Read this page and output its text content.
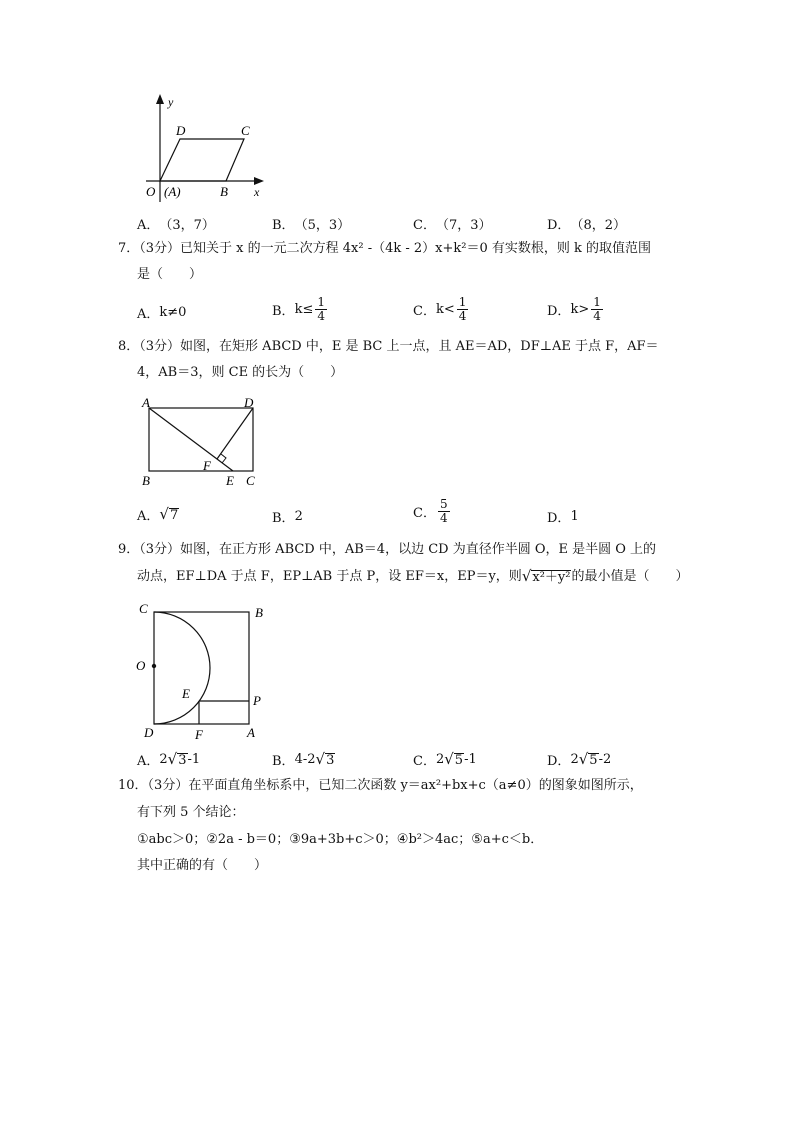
y
x
D	C
O (A)	B
A． （3，7）	B． （5，3）	C． （7，3）	D． （8，2）
7．（3分）已知关于 x 的一元二次方程 4x² -（4k - 2）x+k²＝0 有实数根，则 k 的取值范围
是（　　）
A． k≠0	B． $k\le \frac{1}{4}$	C． $k< \frac{1}{4}$	D． $k> \frac{1}{4}$
8．（3分）如图，在矩形 ABCD 中，E 是 BC 上一点，且 AE＝AD，DF⊥AE 于点 F，AF＝
4，AB＝3，则 CE 的长为（　　）
A	D
F
B	E C
A． √ 7	B． 2	C． $\frac{5}{4}$	D． 1
9．（3分）如图，在正方形 ABCD 中，AB＝4，以边 CD 为直径作半圆 O，E 是半圆 O 上的
动点，EF⊥DA 于点 F，EP⊥AB 于点 P，设 EF＝x，EP＝y，则 √ x²＋y² 的最小值是（　　）
C	B
O
E	P
D	F	A
A． 2 √ 3 -1	B． 4-2 √ 3	C． 2 √ 5 -1	D． 2 √ 5 -2
10．（3分）在平面直角坐标系中，已知二次函数 y＝ax²+bx+c（a≠0）的图象如图所示，
有下列 5 个结论：
①abc＞0；②2a - b＝0；③9a+3b+c＞0；④b²＞4ac；⑤a+c＜b．
其中正确的有（　　）
